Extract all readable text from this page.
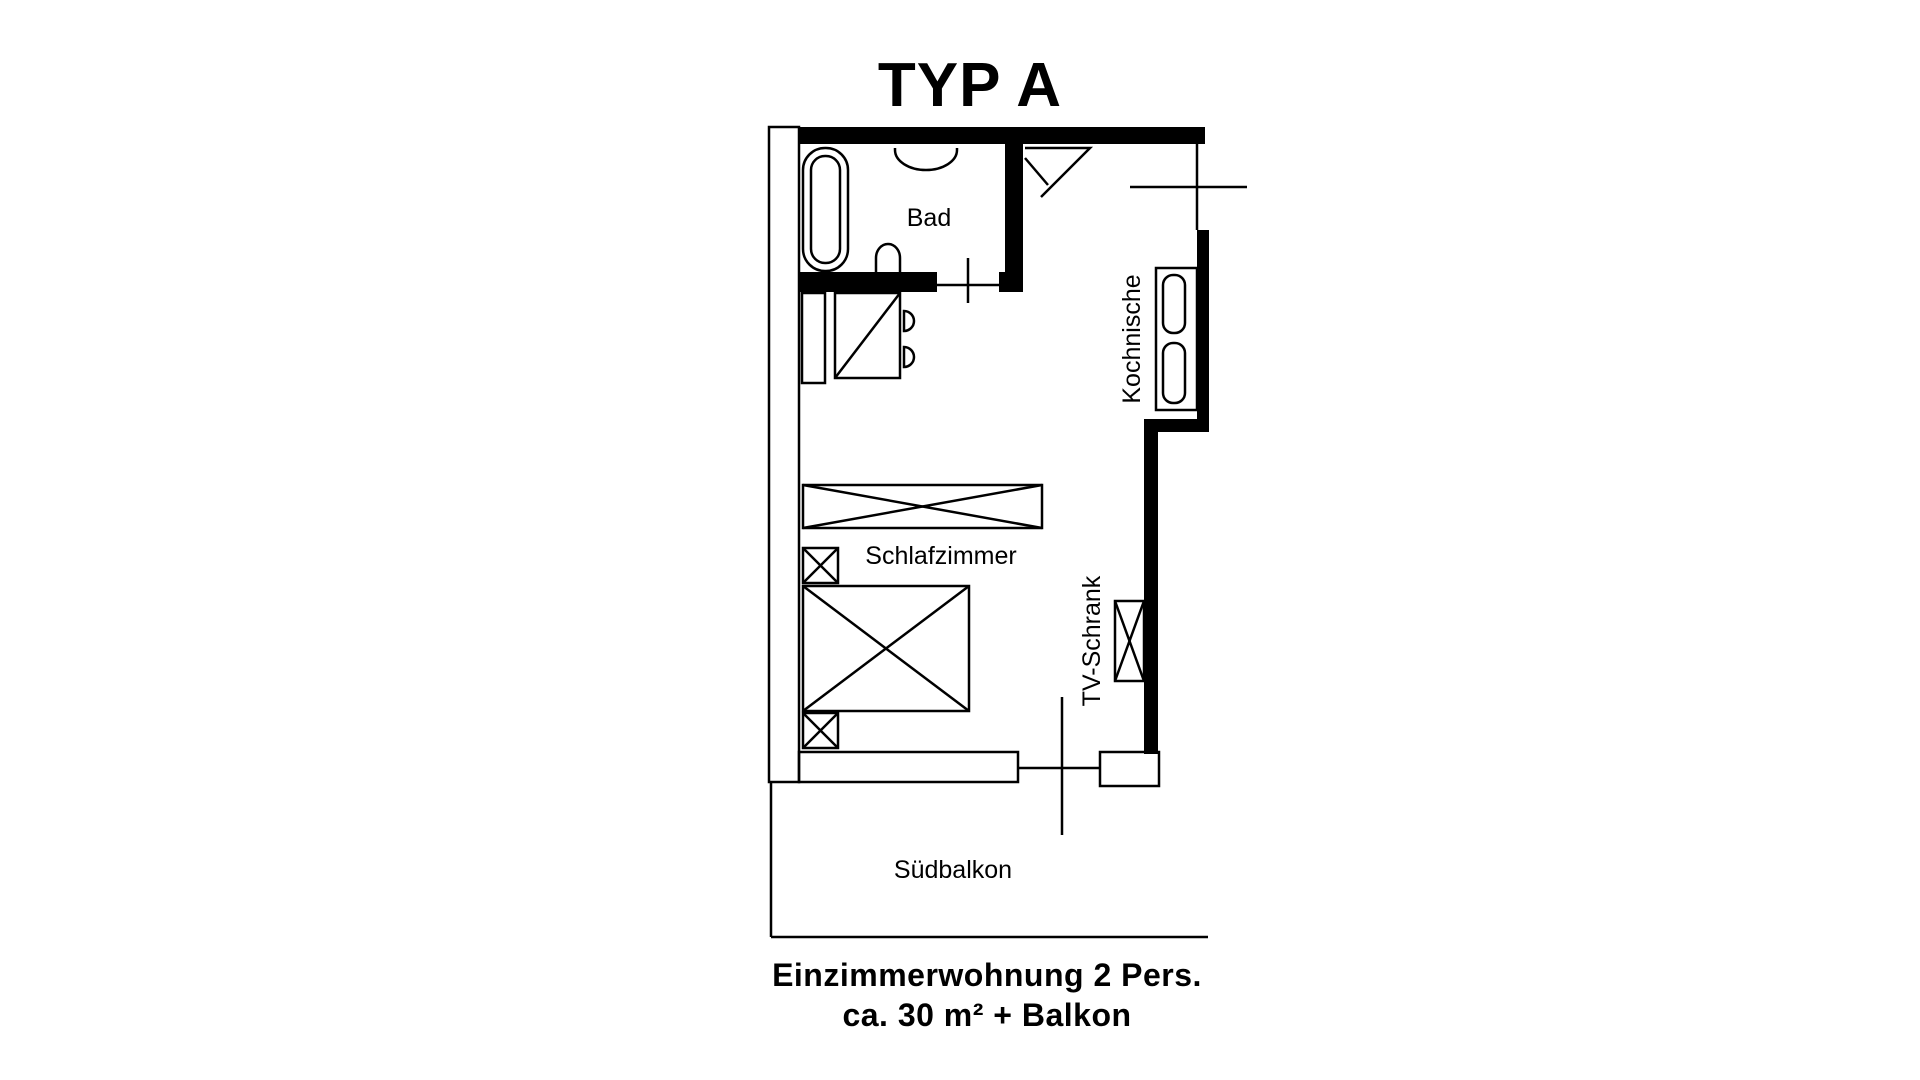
TYP A
Bad
Kochnische
Schlafzimmer
TV-Schrank
Südbalkon
Einzimmerwohnung 2 Pers.
ca. 30 m² + Balkon
